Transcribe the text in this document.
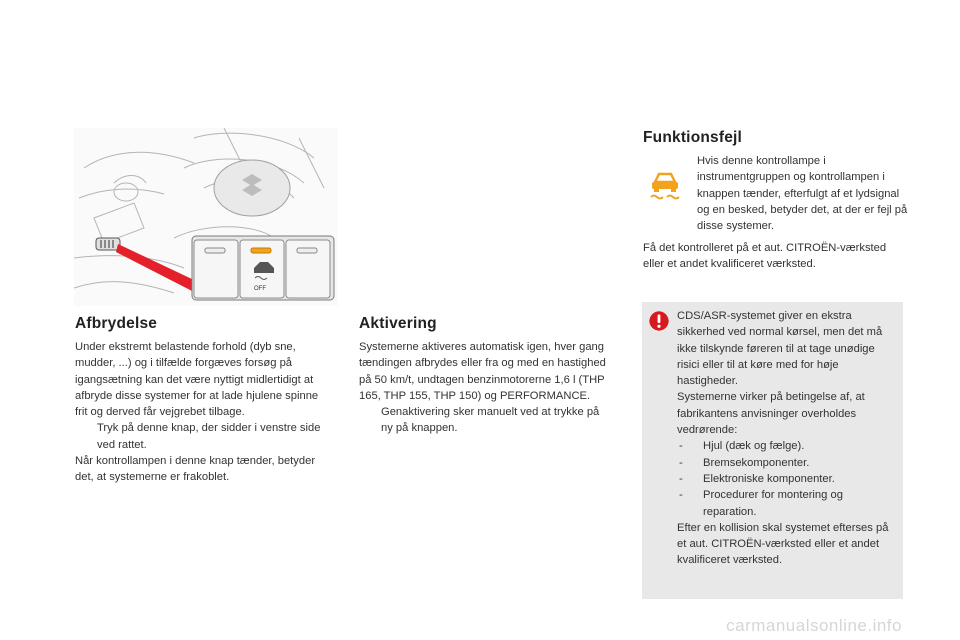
OFF
Funktionsfejl

Hvis denne kontrollampe i instrumentgruppen og kontrollampen i knappen tænder, efterfulgt af et lydsignal og en besked, betyder det, at der er fejl på disse systemer.

Få det kontrolleret på et aut. CITROËN-værksted eller et andet kvalificeret værksted.

Afbrydelse

Under ekstremt belastende forhold (dyb sne, mudder, ...) og i tilfælde forgæves forsøg på igangsætning kan det være nyttigt midlertidigt at afbryde disse systemer for at lade hjulene spinne frit og derved får vejgrebet tilbage.

Tryk på denne knap, der sidder i venstre side ved rattet.

Når kontrollampen i denne knap tænder, betyder det, at systemerne er frakoblet.

Aktivering

Systemerne aktiveres automatisk igen, hver gang tændingen afbrydes eller fra og med en hastighed på 50 km/t, undtagen benzinmotorerne 1,6 l (THP 165, THP 155, THP 150) og PERFORMANCE.

Genaktivering sker manuelt ved at trykke på ny på knappen.

CDS/ASR-systemet giver en ekstra sikkerhed ved normal kørsel, men det må ikke tilskynde føreren til at tage unødige risici eller til at køre med for høje hastigheder.

Systemerne virker på betingelse af, at fabrikantens anvisninger overholdes vedrørende:

- Hjul (dæk og fælge).

- Bremsekomponenter.

- Elektroniske komponenter.

- Procedurer for montering og reparation.

Efter en kollision skal systemet efterses på et aut. CITROËN-værksted eller et andet kvalificeret værksted.

carmanualsonline.info
